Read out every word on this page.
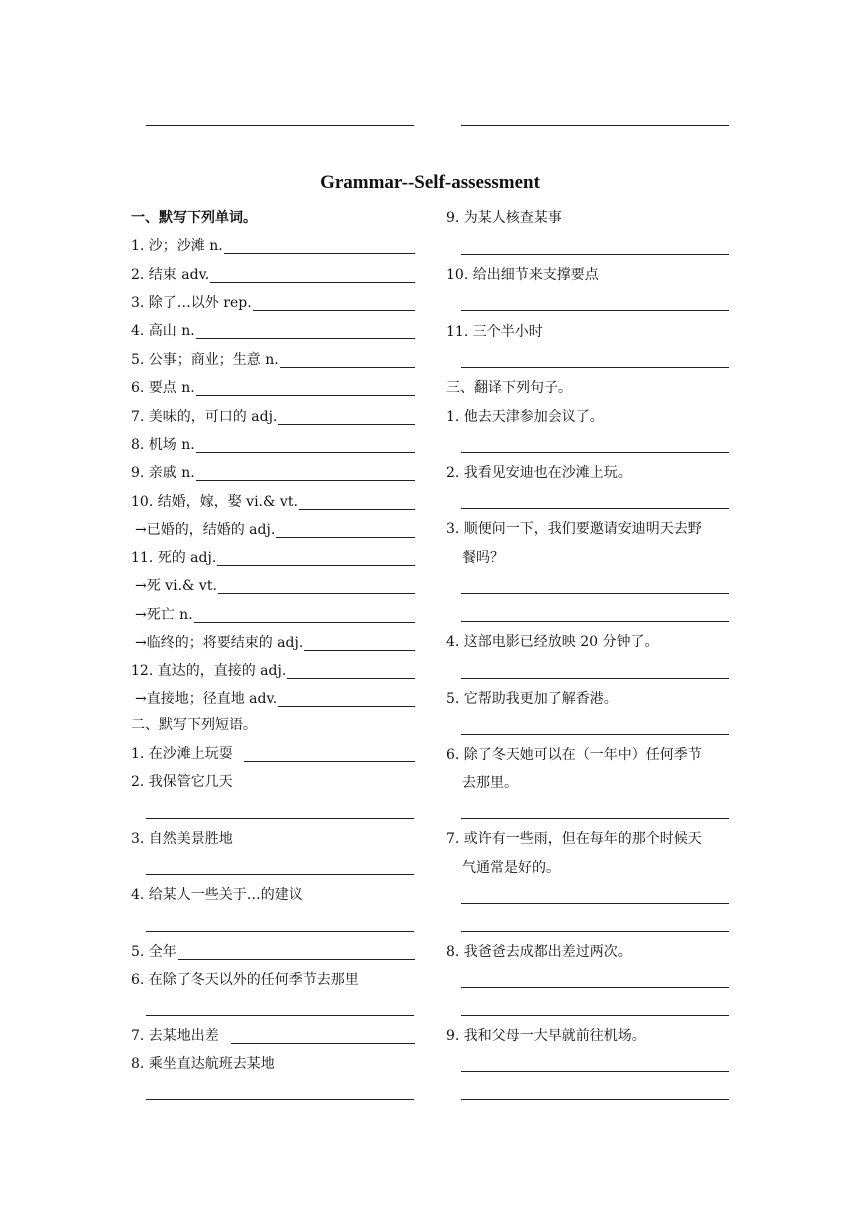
Grammar--Self-assessment
一、默写下列单词。
1. 沙；沙滩 n.
2. 结束 adv.
3. 除了…以外 rep.
4. 高山 n.
5. 公事；商业；生意 n.
6. 要点 n.
7. 美味的，可口的 adj.
8. 机场 n.
9. 亲戚 n.
10. 结婚，嫁，娶 vi.& vt.
→已婚的，结婚的 adj.
11. 死的 adj.
→死 vi.& vt.
→死亡 n.
→临终的；将要结束的 adj.
12. 直达的，直接的 adj.
→直接地；径直地 adv.
二、默写下列短语。
1. 在沙滩上玩耍
2. 我保管它几天
3. 自然美景胜地
4. 给某人一些关于…的建议
5. 全年
6. 在除了冬天以外的任何季节去那里
7. 去某地出差
8. 乘坐直达航班去某地
9. 为某人核查某事
10. 给出细节来支撑要点
11. 三个半小时
三、翻译下列句子。
1. 他去天津参加会议了。
2. 我看见安迪也在沙滩上玩。
3. 顺便问一下，我们要邀请安迪明天去野
餐吗？
4. 这部电影已经放映 20 分钟了。
5. 它帮助我更加了解香港。
6. 除了冬天她可以在（一年中）任何季节
去那里。
7. 或许有一些雨，但在每年的那个时候天
气通常是好的。
8. 我爸爸去成都出差过两次。
9. 我和父母一大早就前往机场。
